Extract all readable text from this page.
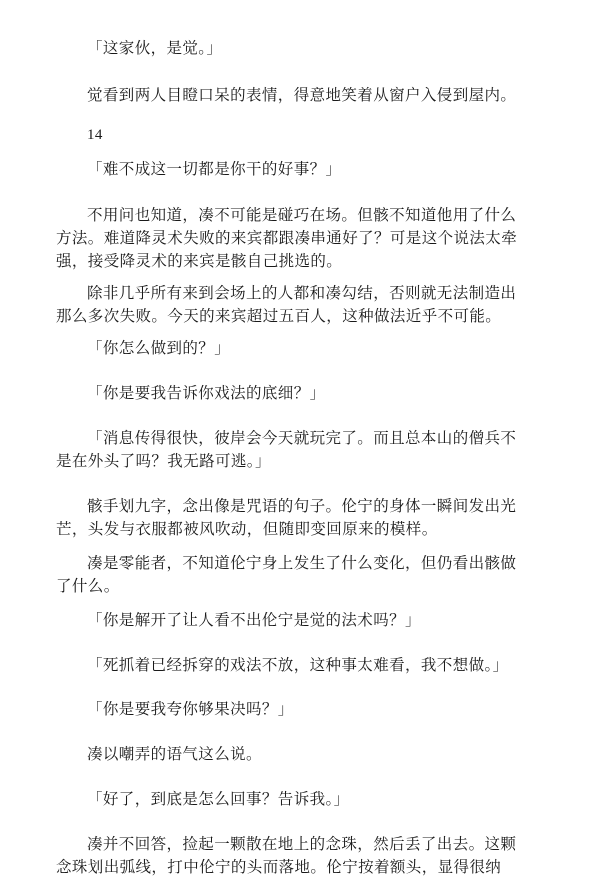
「这家伙，是觉。」

觉看到两人目瞪口呆的表情，得意地笑着从窗户入侵到屋内。

14

「难不成这一切都是你干的好事？」

不用问也知道，凑不可能是碰巧在场。但骸不知道他用了什么
方法。难道降灵术失败的来宾都跟凑串通好了？可是这个说法太牵
强，接受降灵术的来宾是骸自己挑选的。

除非几乎所有来到会场上的人都和凑勾结，否则就无法制造出
那么多次失败。今天的来宾超过五百人，这种做法近乎不可能。

「你怎么做到的？」

「你是要我告诉你戏法的底细？」

「消息传得很快，彼岸会今天就玩完了。而且总本山的僧兵不
是在外头了吗？我无路可逃。」

骸手划九字，念出像是咒语的句子。伦宁的身体一瞬间发出光
芒，头发与衣服都被风吹动，但随即变回原来的模样。

凑是零能者，不知道伦宁身上发生了什么变化，但仍看出骸做
了什么。

「你是解开了让人看不出伦宁是觉的法术吗？」

「死抓着已经拆穿的戏法不放，这种事太难看，我不想做。」

「你是要我夸你够果决吗？」

凑以嘲弄的语气这么说。

「好了，到底是怎么回事？告诉我。」

凑并不回答，捡起一颗散在地上的念珠，然后丢了出去。这颗
念珠划出弧线，打中伦宁的头而落地。伦宁按着额头，显得很纳
